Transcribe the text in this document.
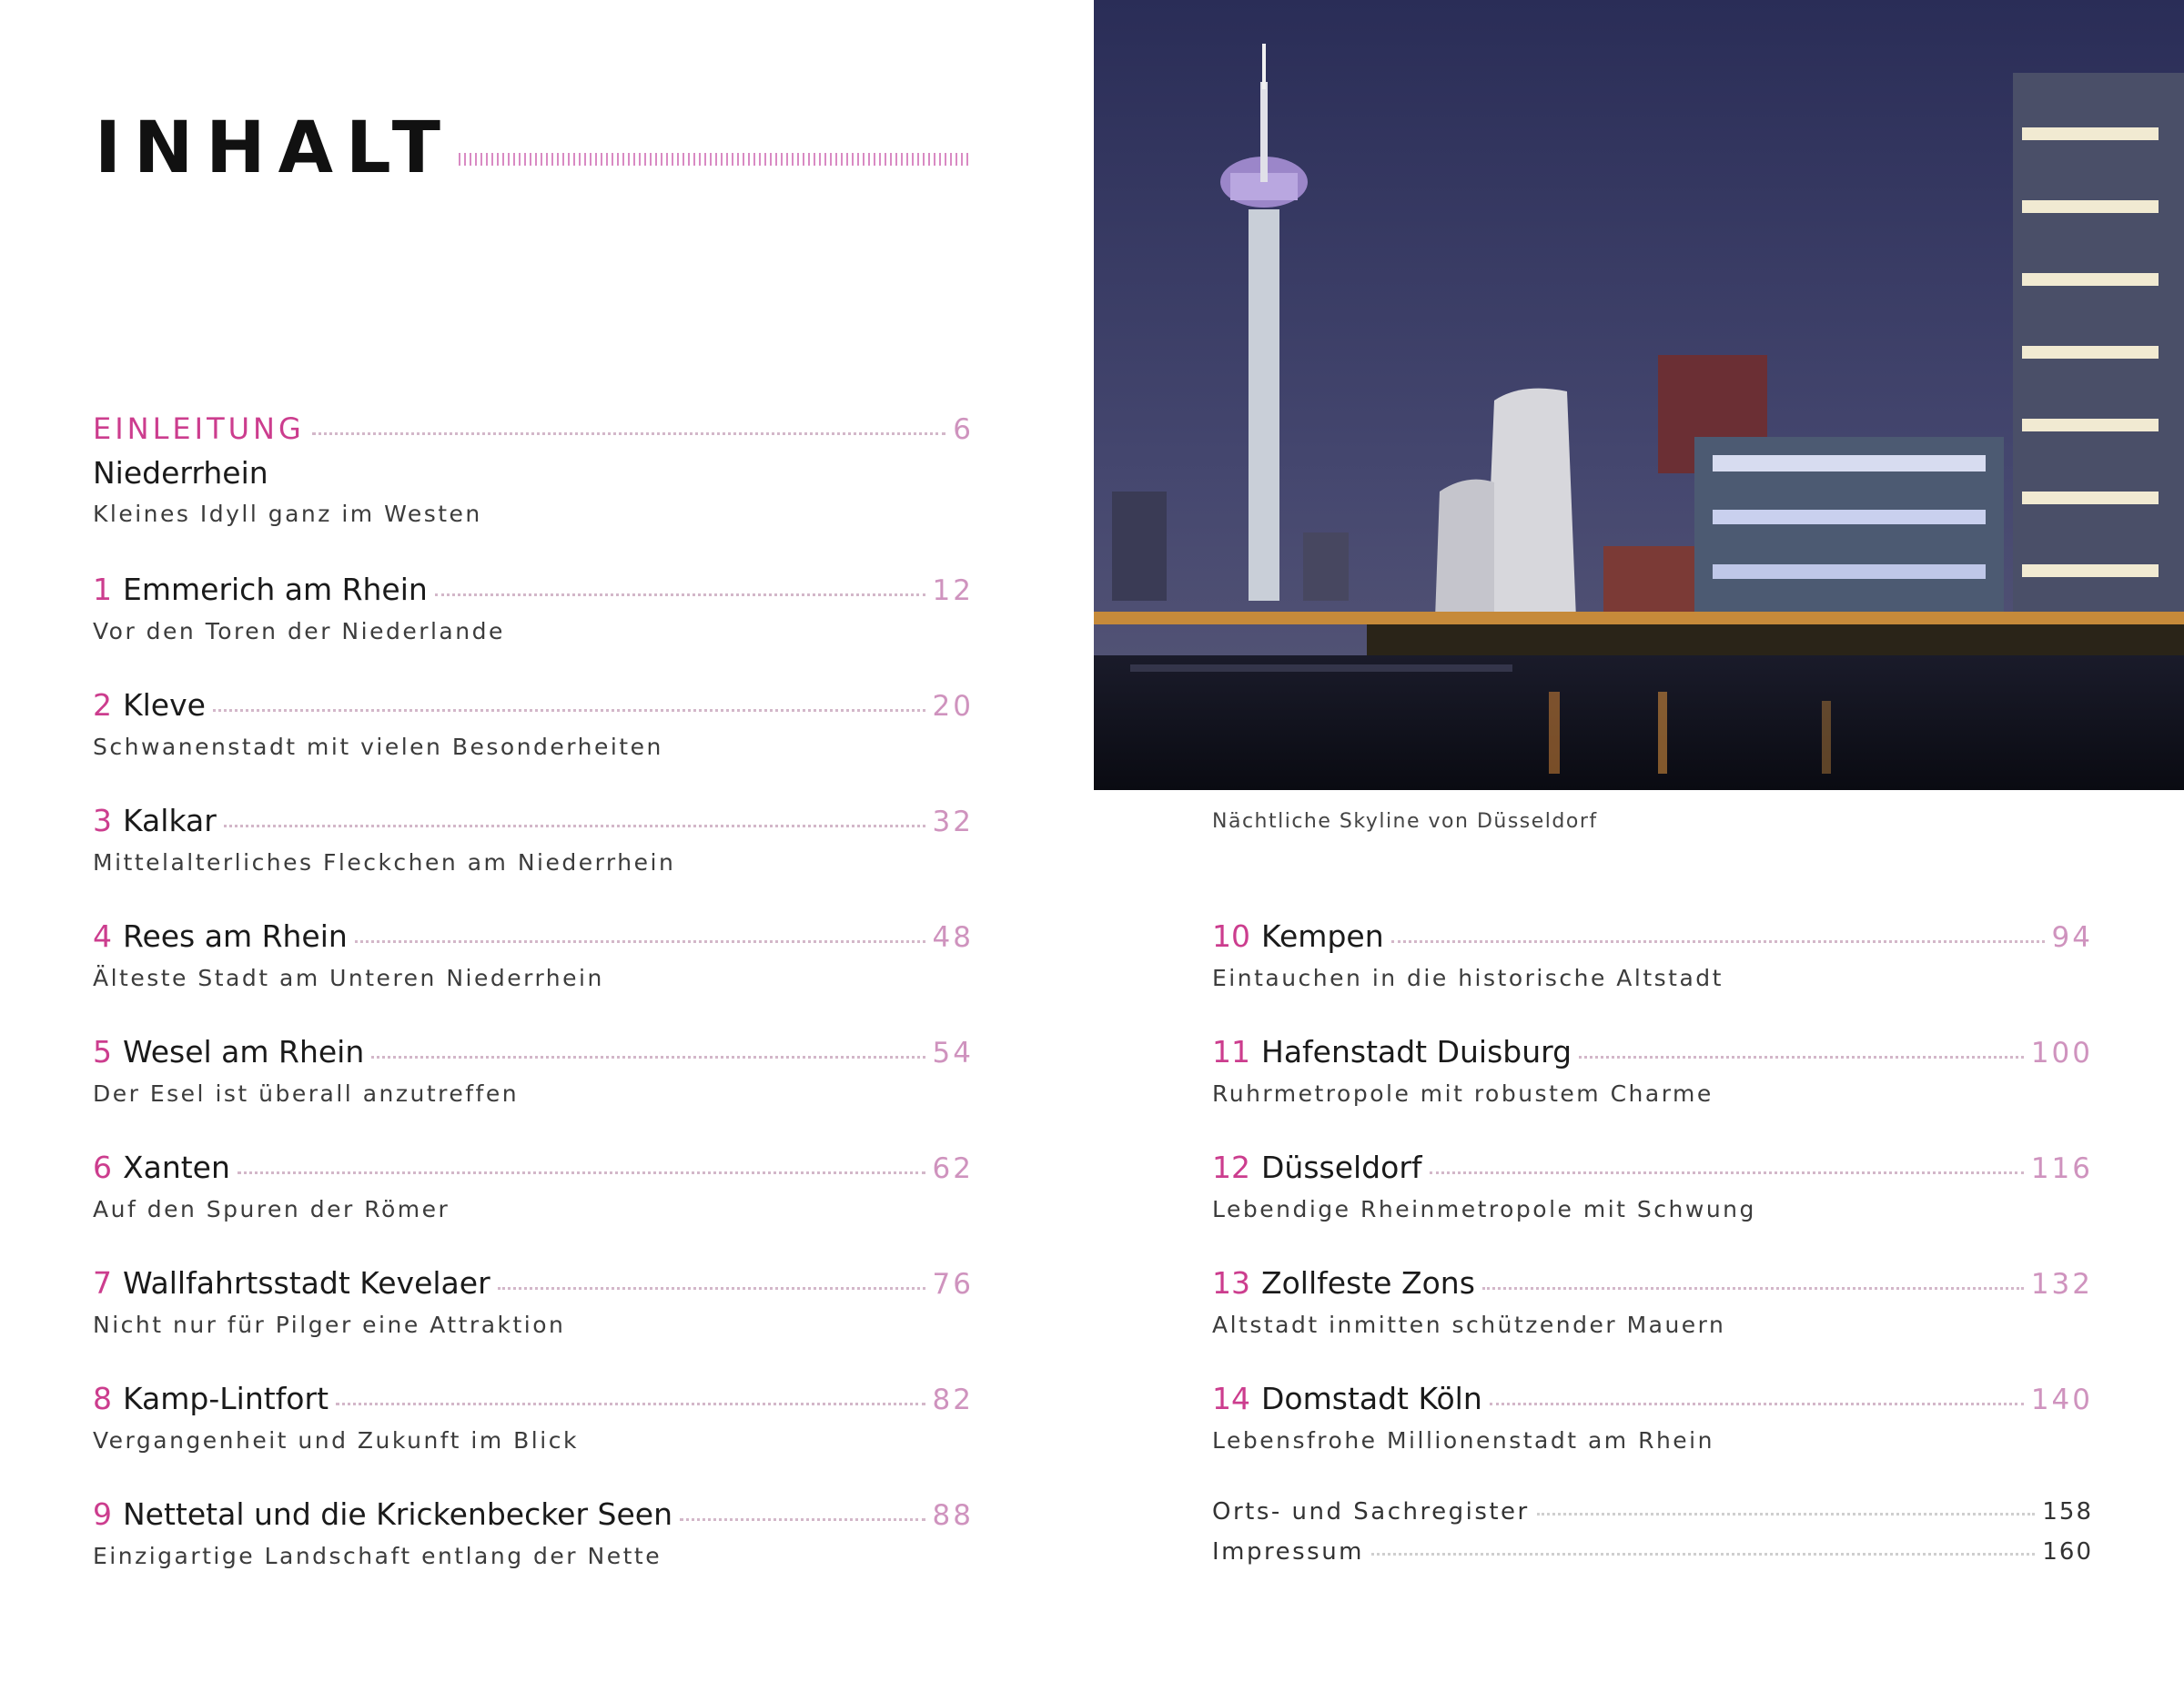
INHALT
EINLEITUNG	6
Niederrhein
Kleines Idyll ganz im Westen
1 Emmerich am Rhein	12
Vor den Toren der Niederlande
2 Kleve	20
Schwanenstadt mit vielen Besonderheiten
3 Kalkar	32
Mittelalterliches Fleckchen am Niederrhein
4 Rees am Rhein	48
Älteste Stadt am Unteren Niederrhein
5 Wesel am Rhein	54
Der Esel ist überall anzutreffen
6 Xanten	62
Auf den Spuren der Römer
7 Wallfahrtsstadt Kevelaer	76
Nicht nur für Pilger eine Attraktion
8 Kamp-Lintfort	82
Vergangenheit und Zukunft im Blick
9 Nettetal und die Krickenbecker Seen	88
Einzigartige Landschaft entlang der Nette
Nächtliche Skyline von Düsseldorf
10 Kempen	94
Eintauchen in die historische Altstadt
11 Hafenstadt Duisburg	100
Ruhrmetropole mit robustem Charme
12 Düsseldorf	116
Lebendige Rheinmetropole mit Schwung
13 Zollfeste Zons	132
Altstadt inmitten schützender Mauern
14 Domstadt Köln	140
Lebensfrohe Millionenstadt am Rhein
Orts- und Sachregister	158
Impressum	160
